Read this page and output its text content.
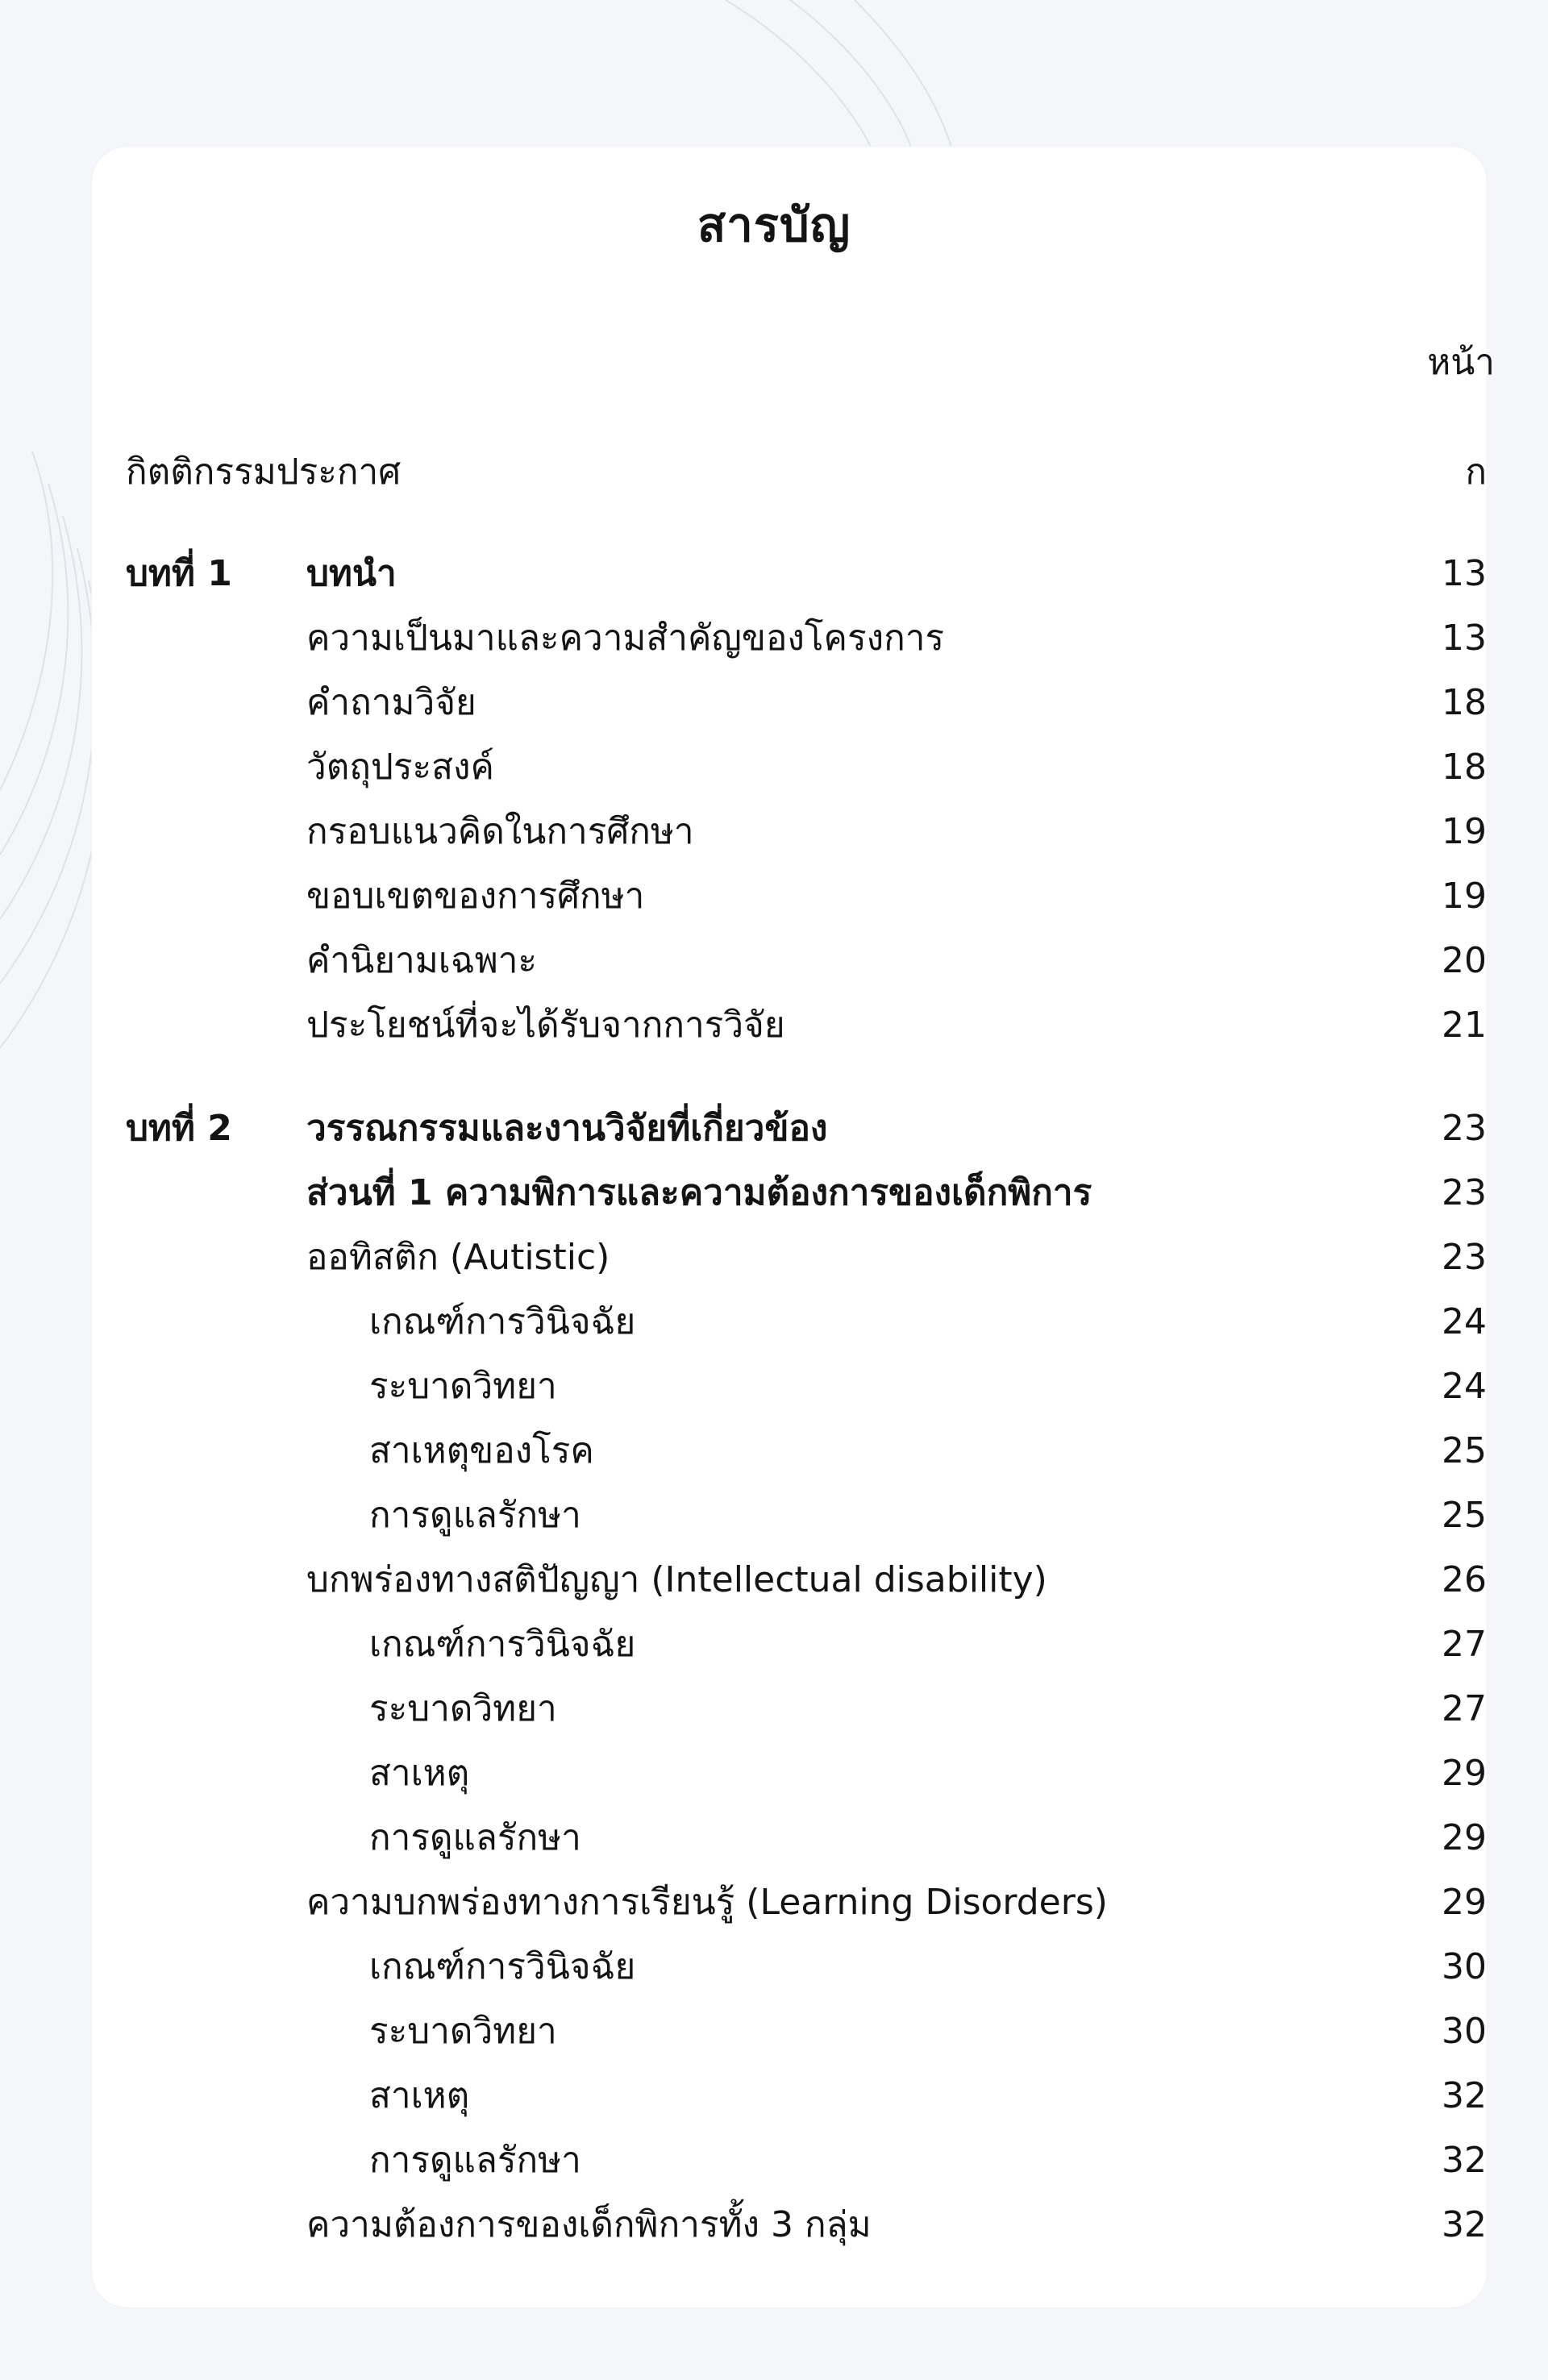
สารบัญ
หน้า
กิตติกรรมประกาศ	ก
บทที่ 1 บทนำ	13
ความเป็นมาและความสำคัญของโครงการ	13
คำถามวิจัย	18
วัตถุประสงค์	18
กรอบแนวคิดในการศึกษา	19
ขอบเขตของการศึกษา	19
คำนิยามเฉพาะ	20
ประโยชน์ที่จะได้รับจากการวิจัย	21
บทที่ 2 วรรณกรรมและงานวิจัยที่เกี่ยวข้อง	23
ส่วนที่ 1 ความพิการและความต้องการของเด็กพิการ	23
ออทิสติก (Autistic)	23
เกณฑ์การวินิจฉัย	24
ระบาดวิทยา	24
สาเหตุของโรค	25
การดูแลรักษา	25
บกพร่องทางสติปัญญา (Intellectual disability)	26
เกณฑ์การวินิจฉัย	27
ระบาดวิทยา	27
สาเหตุ	29
การดูแลรักษา	29
ความบกพร่องทางการเรียนรู้ (Learning Disorders)	29
เกณฑ์การวินิจฉัย	30
ระบาดวิทยา	30
สาเหตุ	32
การดูแลรักษา	32
ความต้องการของเด็กพิการทั้ง 3 กลุ่ม	32
